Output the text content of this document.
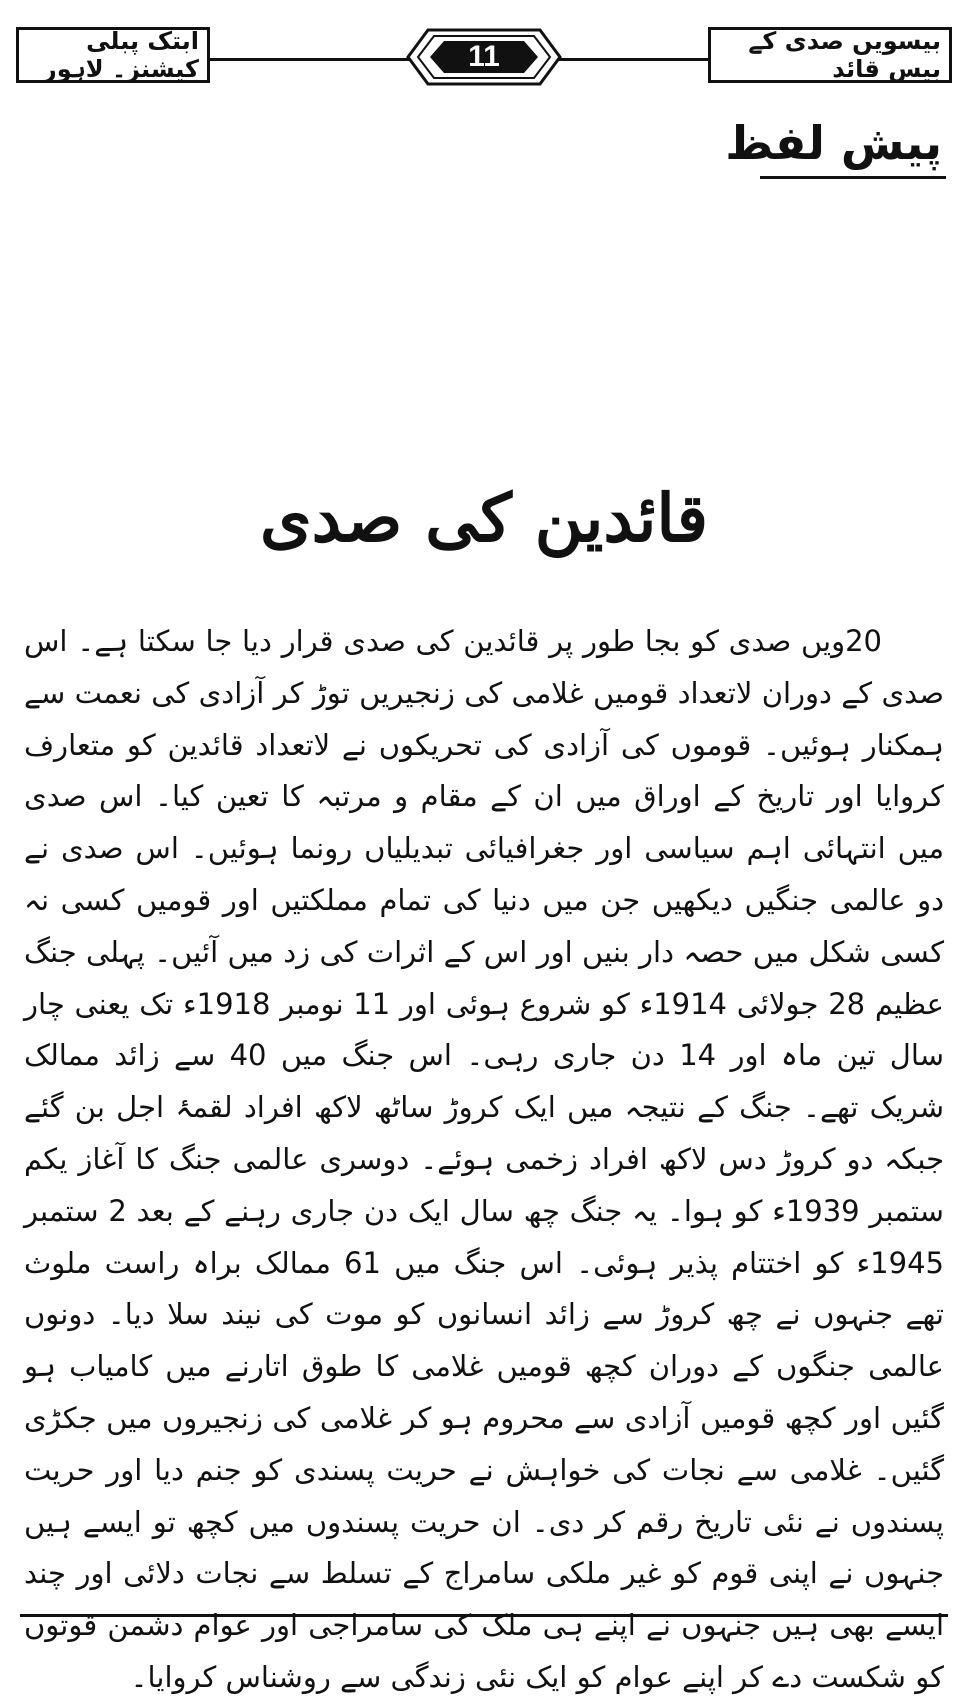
بیسویں صدی کے بیس قائد
11
ابتک پبلی کیشنز۔ لاہور
پیش لفظ
قائدین کی صدی
20ویں صدی کو بجا طور پر قائدین کی صدی قرار دیا جا سکتا ہے۔ اس صدی کے دوران لاتعداد قومیں غلامی کی زنجیریں توڑ کر آزادی کی نعمت سے ہمکنار ہوئیں۔ قوموں کی آزادی کی تحریکوں نے لاتعداد قائدین کو متعارف کروایا اور تاریخ کے اوراق میں ان کے مقام و مرتبہ کا تعین کیا۔ اس صدی میں انتہائی اہم سیاسی اور جغرافیائی تبدیلیاں رونما ہوئیں۔ اس صدی نے دو عالمی جنگیں دیکھیں جن میں دنیا کی تمام مملکتیں اور قومیں کسی نہ کسی شکل میں حصہ دار بنیں اور اس کے اثرات کی زد میں آئیں۔ پہلی جنگ عظیم 28 جولائی 1914ء کو شروع ہوئی اور 11 نومبر 1918ء تک یعنی چار سال تین ماہ اور 14 دن جاری رہی۔ اس جنگ میں 40 سے زائد ممالک شریک تھے۔ جنگ کے نتیجہ میں ایک کروڑ ساٹھ لاکھ افراد لقمۂ اجل بن گئے جبکہ دو کروڑ دس لاکھ افراد زخمی ہوئے۔ دوسری عالمی جنگ کا آغاز یکم ستمبر 1939ء کو ہوا۔ یہ جنگ چھ سال ایک دن جاری رہنے کے بعد 2 ستمبر 1945ء کو اختتام پذیر ہوئی۔ اس جنگ میں 61 ممالک براہ راست ملوث تھے جنہوں نے چھ کروڑ سے زائد انسانوں کو موت کی نیند سلا دیا۔ دونوں عالمی جنگوں کے دوران کچھ قومیں غلامی کا طوق اتارنے میں کامیاب ہو گئیں اور کچھ قومیں آزادی سے محروم ہو کر غلامی کی زنجیروں میں جکڑی گئیں۔ غلامی سے نجات کی خواہش نے حریت پسندی کو جنم دیا اور حریت پسندوں نے نئی تاریخ رقم کر دی۔ ان حریت پسندوں میں کچھ تو ایسے ہیں جنہوں نے اپنی قوم کو غیر ملکی سامراج کے تسلط سے نجات دلائی اور چند ایسے بھی ہیں جنہوں نے اپنے ہی ملک کی سامراجی اور عوام دشمن قوتوں کو شکست دے کر اپنے عوام کو ایک نئی زندگی سے روشناس کروایا۔
